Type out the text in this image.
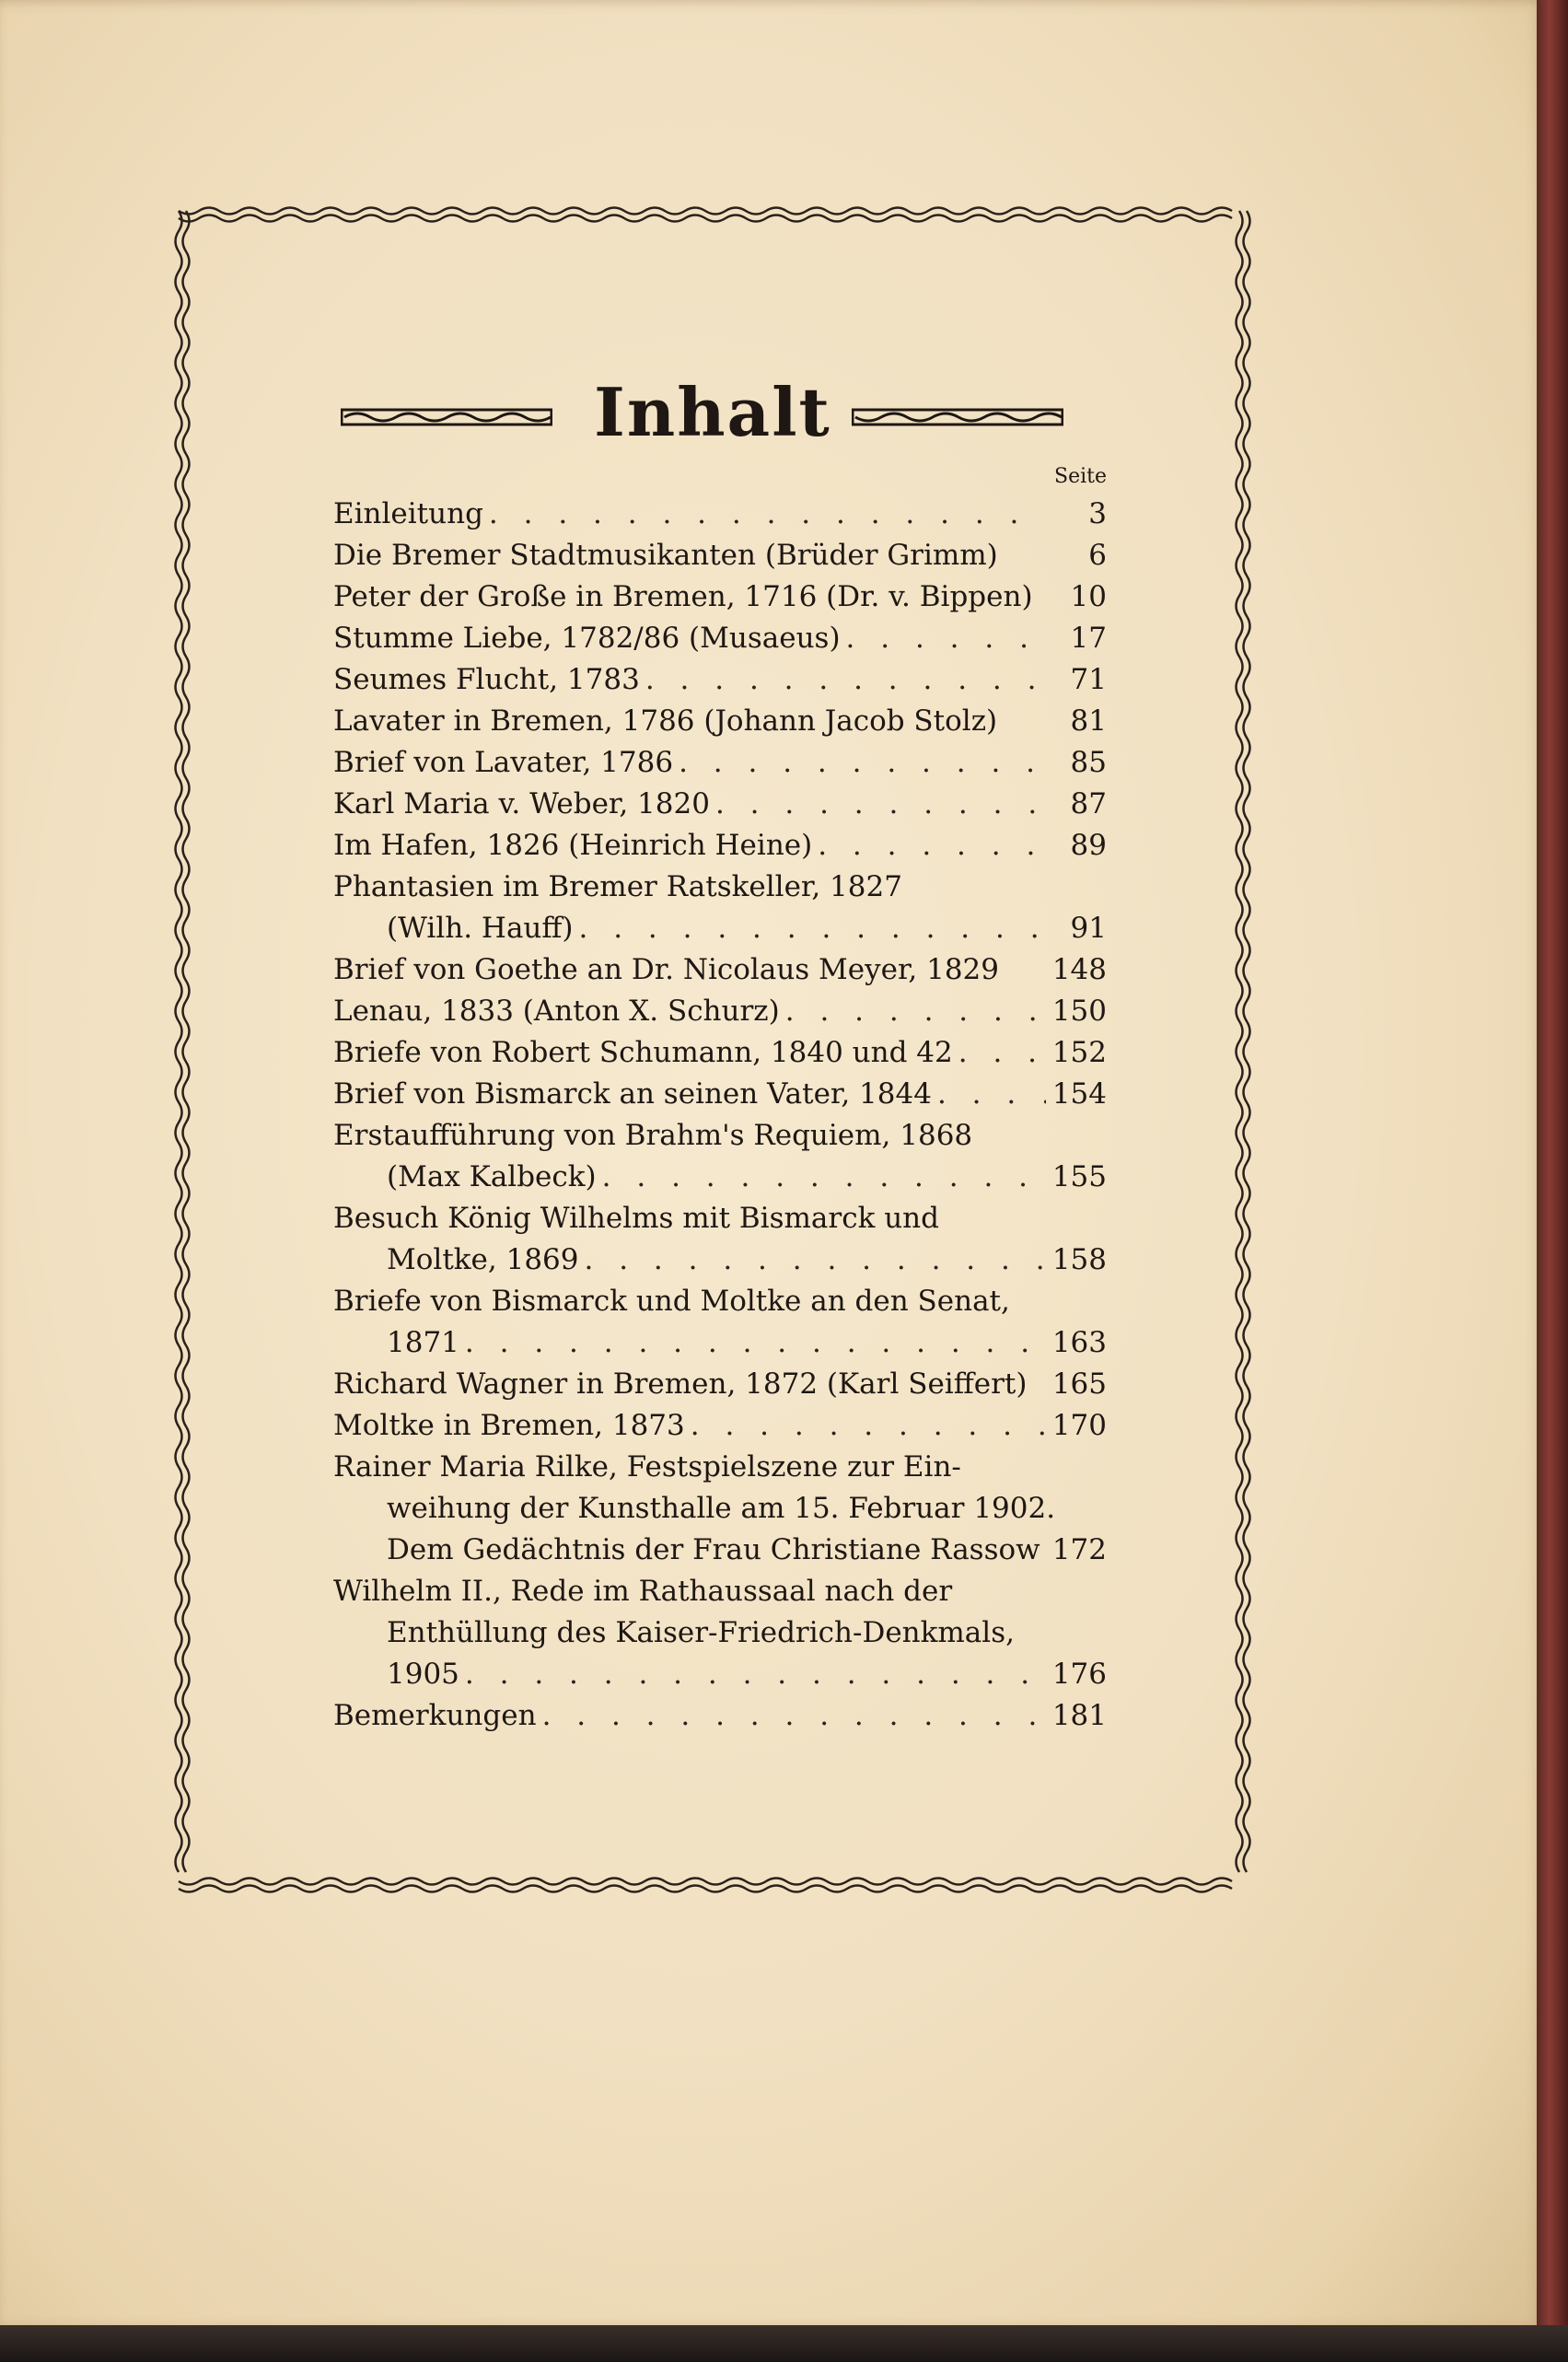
Inhalt
Seite
Einleitung . . .	3
Die Bremer Stadtmusikanten (Brüder Grimm)	6
Peter der Große in Bremen, 1716 (Dr. v. Bippen)	10
Stumme Liebe, 1782/86 (Musaeus) . . .	17
Seumes Flucht, 1783 . . .	71
Lavater in Bremen, 1786 (Johann Jacob Stolz)	81
Brief von Lavater, 1786 . . .	85
Karl Maria v. Weber, 1820 . . .	87
Im Hafen, 1826 (Heinrich Heine) . . .	89
Phantasien im Bremer Ratskeller, 1827
(Wilh. Hauff) . . .	91
Brief von Goethe an Dr. Nicolaus Meyer, 1829 148
Lenau, 1833 (Anton X. Schurz) . . .	150
Briefe von Robert Schumann, 1840 und 42 . . .	152
Brief von Bismarck an seinen Vater, 1844 . . .	154
Erstaufführung von Brahm's Requiem, 1868
(Max Kalbeck) . . .	155
Besuch König Wilhelms mit Bismarck und
Moltke, 1869 . . .	158
Briefe von Bismarck und Moltke an den Senat,
1871 . . .	163
Richard Wagner in Bremen, 1872 (Karl Seiffert) 165
Moltke in Bremen, 1873 . . .	170
Rainer Maria Rilke, Festspielszene zur Ein-
weihung der Kunsthalle am 15. Februar 1902.
Dem Gedächtnis der Frau Christiane Rassow 172
Wilhelm II., Rede im Rathaussaal nach der
Enthüllung des Kaiser-Friedrich-Denkmals,
1905 . . .	176
Bemerkungen . . .	181
